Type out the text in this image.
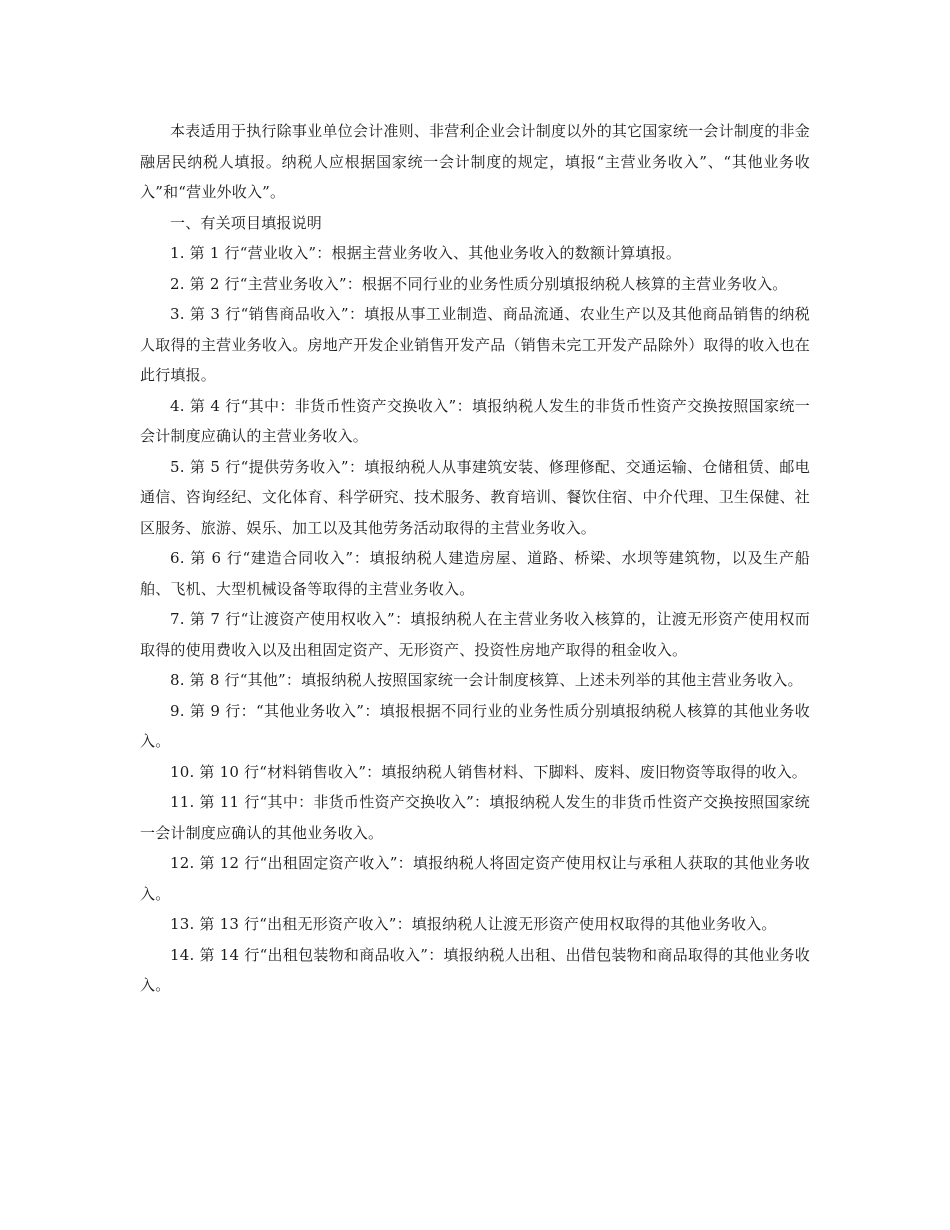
本表适用于执行除事业单位会计准则、非营利企业会计制度以外的其它国家统一会计制度的非金融居民纳税人填报。纳税人应根据国家统一会计制度的规定，填报“主营业务收入”、“其他业务收入”和“营业外收入”。

一、有关项目填报说明

1. 第 1 行“营业收入”：根据主营业务收入、其他业务收入的数额计算填报。

2. 第 2 行“主营业务收入”：根据不同行业的业务性质分别填报纳税人核算的主营业务收入。

3. 第 3 行“销售商品收入”：填报从事工业制造、商品流通、农业生产以及其他商品销售的纳税人取得的主营业务收入。房地产开发企业销售开发产品（销售未完工开发产品除外）取得的收入也在此行填报。

4. 第 4 行“其中：非货币性资产交换收入”：填报纳税人发生的非货币性资产交换按照国家统一会计制度应确认的主营业务收入。

5. 第 5 行“提供劳务收入”：填报纳税人从事建筑安装、修理修配、交通运输、仓储租赁、邮电通信、咨询经纪、文化体育、科学研究、技术服务、教育培训、餐饮住宿、中介代理、卫生保健、社区服务、旅游、娱乐、加工以及其他劳务活动取得的主营业务收入。

6. 第 6 行“建造合同收入”：填报纳税人建造房屋、道路、桥梁、水坝等建筑物，以及生产船舶、飞机、大型机械设备等取得的主营业务收入。

7. 第 7 行“让渡资产使用权收入”：填报纳税人在主营业务收入核算的，让渡无形资产使用权而取得的使用费收入以及出租固定资产、无形资产、投资性房地产取得的租金收入。

8. 第 8 行“其他”：填报纳税人按照国家统一会计制度核算、上述未列举的其他主营业务收入。

9. 第 9 行：“其他业务收入”：填报根据不同行业的业务性质分别填报纳税人核算的其他业务收入。

10. 第 10 行“材料销售收入”：填报纳税人销售材料、下脚料、废料、废旧物资等取得的收入。

11. 第 11 行“其中：非货币性资产交换收入”：填报纳税人发生的非货币性资产交换按照国家统一会计制度应确认的其他业务收入。

12. 第 12 行“出租固定资产收入”：填报纳税人将固定资产使用权让与承租人获取的其他业务收入。

13. 第 13 行“出租无形资产收入”：填报纳税人让渡无形资产使用权取得的其他业务收入。

14. 第 14 行“出租包装物和商品收入”：填报纳税人出租、出借包装物和商品取得的其他业务收入。
